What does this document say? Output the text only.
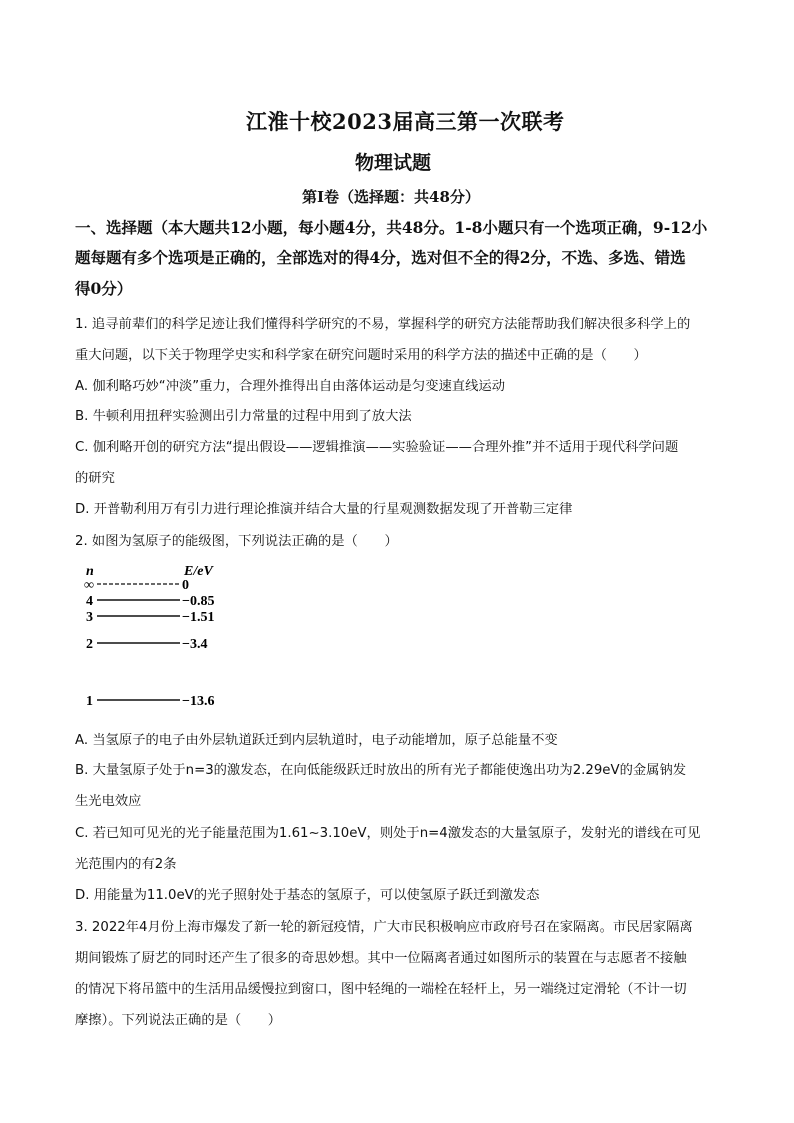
江淮十校2023届高三第一次联考
物理试题
第Ⅰ卷（选择题：共48分）
一、选择题（本大题共12小题，每小题4分，共48分。1-8小题只有一个选项正确，9-12小
题每题有多个选项是正确的，全部选对的得4分，选对但不全的得2分，不选、多选、错选
得0分）
1. 追寻前辈们的科学足迹让我们懂得科学研究的不易，掌握科学的研究方法能帮助我们解决很多科学上的
重大问题，以下关于物理学史实和科学家在研究问题时采用的科学方法的描述中正确的是（　　）
A. 伽利略巧妙“冲淡”重力，合理外推得出自由落体运动是匀变速直线运动
B. 牛顿利用扭秤实验测出引力常量的过程中用到了放大法
C. 伽利略开创的研究方法“提出假设——逻辑推演——实验验证——合理外推”并不适用于现代科学问题
的研究
D. 开普勒利用万有引力进行理论推演并结合大量的行星观测数据发现了开普勒三定律
2. 如图为氢原子的能级图，下列说法正确的是（　　）
n	E/eV
∞	0
4	−0.85
3	−1.51
2	−3.4
1	−13.6
A. 当氢原子的电子由外层轨道跃迁到内层轨道时，电子动能增加，原子总能量不变
B. 大量氢原子处于n=3的激发态，在向低能级跃迁时放出的所有光子都能使逸出功为2.29eV的金属钠发
生光电效应
C. 若已知可见光的光子能量范围为1.61~3.10eV，则处于n=4激发态的大量氢原子，发射光的谱线在可见
光范围内的有2条
D. 用能量为11.0eV的光子照射处于基态的氢原子，可以使氢原子跃迁到激发态
3. 2022年4月份上海市爆发了新一轮的新冠疫情，广大市民积极响应市政府号召在家隔离。市民居家隔离
期间锻炼了厨艺的同时还产生了很多的奇思妙想。其中一位隔离者通过如图所示的装置在与志愿者不接触
的情况下将吊篮中的生活用品缓慢拉到窗口，图中轻绳的一端栓在轻杆上，另一端绕过定滑轮（不计一切
摩擦）。下列说法正确的是（　　）
